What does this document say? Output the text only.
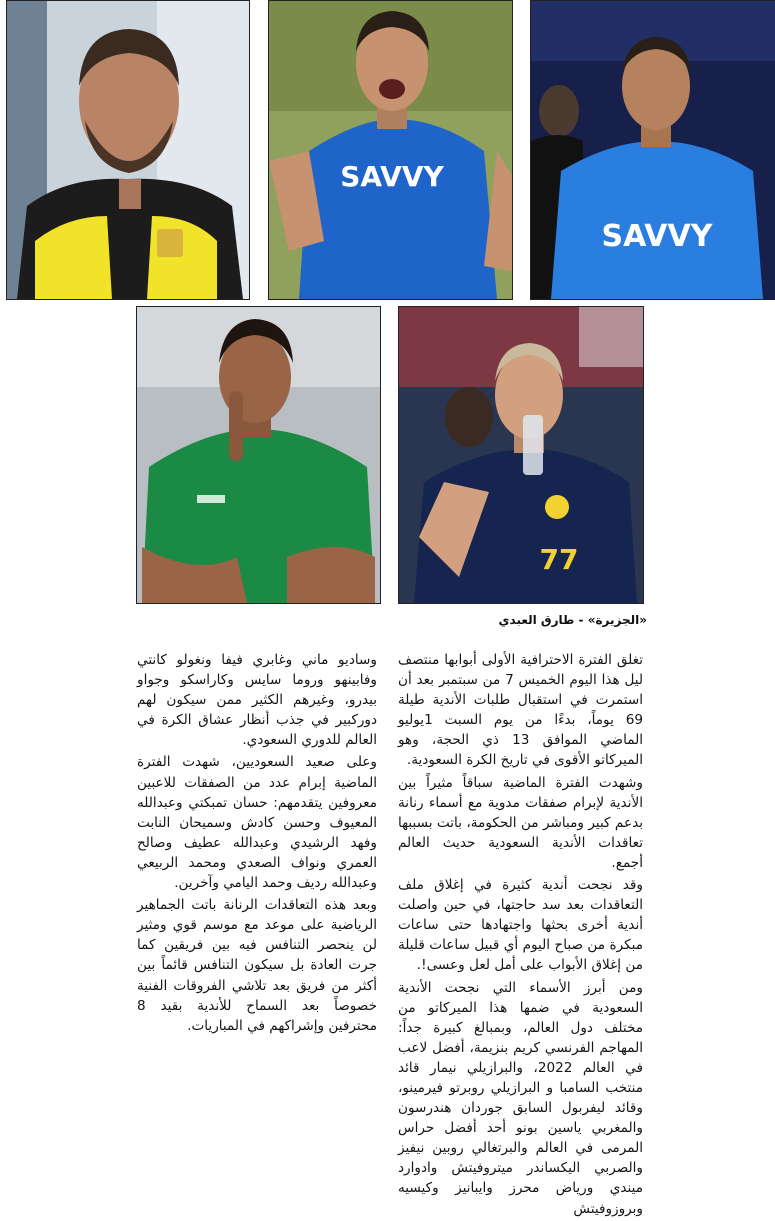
SAVVY
SAVVY
77
«الجزيرة» - طارق العبدي

تغلق الفترة الاحترافية الأولى أبوابها منتصف ليل هذا اليوم الخميس 7 من سبتمبر بعد أن استمرت في استقبال طلبات الأندية طيلة 69 يوماً، بدءًا من يوم السبت 1يوليو الماضي الموافق 13 ذي الحجة، وهو الميركاتو الأقوى في تاريخ الكرة السعودية.

وشهدت الفترة الماضية سباقاً مثيراً بين الأندية لإبرام صفقات مدوية مع أسماء رنانة بدعم كبير ومباشر من الحكومة، باتت بسببها تعاقدات الأندية السعودية حديث العالم أجمع.

وقد نجحت أندية كثيرة في إغلاق ملف التعاقدات بعد سد حاجتها، في حين واصلت أندية أخرى بحثها واجتهادها حتى ساعات مبكرة من صباح اليوم أي قبيل ساعات قليلة من إغلاق الأبواب على أمل لعل وعسى!.

ومن أبرز الأسماء التي نجحت الأندية السعودية في ضمها هذا الميركاتو من مختلف دول العالم، وبمبالغ كبيرة جداً: المهاجم الفرنسي كريم بنزيمة، أفضل لاعب في العالم 2022، والبرازيلي نيمار قائد منتخب السامبا و البرازيلي روبرتو فيرمينو، وقائد ليفربول السابق جوردان هندرسون والمغربي ياسين بونو أحد أفضل حراس المرمى في العالم والبرتغالي روبين نيفيز والصربي اليكساندر ميتروفيتش وادوارد ميندي ورياض محرز وايبانيز وكيسيه وبروزوفيتش

وساديو ماني وغابري فيفا ونغولو كانتي وفابينهو وروما سايس وكاراسكو وجواو بيدرو، وغيرهم الكثير ممن سيكون لهم دوركبير في جذب أنظار عشاق الكرة في العالم للدوري السعودي.

وعلى صعيد السعوديين، شهدت الفترة الماضية إبرام عدد من الصفقات للاعبين معروفين يتقدمهم: حسان تمبكتي وعبدالله المعيوف وحسن كادش وسميحان النابت وفهد الرشيدي وعبدالله عطيف وصالح العمري ونواف الصعدي ومحمد الربيعي وعبدالله رديف وحمد اليامي وآخرين.

وبعد هذه التعاقدات الرنانة باتت الجماهير الرياضية على موعد مع موسم قوي ومثير لن ينحصر التنافس فيه بين فريقين كما جرت العادة بل سيكون التنافس قائماً بين أكثر من فريق بعد تلاشي الفروقات الفنية خصوصاً بعد السماح للأندية بقيد 8 محترفين وإشراكهم في المباريات.
